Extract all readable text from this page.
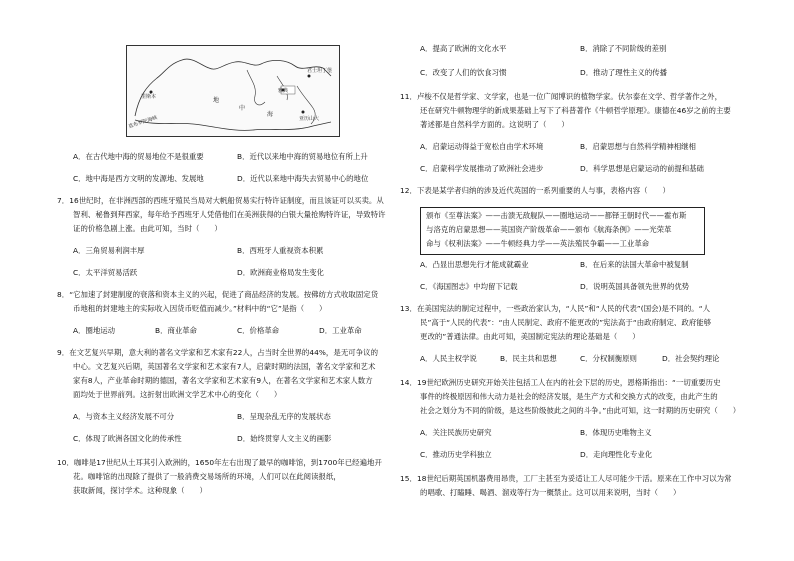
里斯本
雅典
君士坦丁堡
地
中
海
亚历山大
直布罗陀海峡
A．在古代地中海的贸易地位不是很重要	B．近代以来地中海的贸易地位有所上升
C．地中海是西方文明的发源地、发展地	D．近代以来地中海失去贸易中心的地位
7．16世纪时，在非洲西部的西班牙殖民当局对大帆船贸易实行特许证制度，而且该证可以买卖。从
智利、秘鲁到拜西家，每年给予西班牙人凭借他们在美洲获得的白银大量抢购特许证，导致特许
证的价格急剧上涨。由此可知，当时（　　）
A．三角贸易利润丰厚	B．西班牙人重视资本积累
C．太平洋贸易活跃	D．欧洲商业格局发生变化
8．“它加速了封建制度的衰落和资本主义的兴起，促进了商品经济的发展。按佛纺方式收取固定货
币地租的封建地主的实际收入因货币贬值而减少。”材料中的“它”是指（　　）
A．圈地运动	B．商业革命	C．价格革命	D．工业革命
9．在文艺复兴早期，意大利的著名文学家和艺术家有22人，占当时全世界的44%，是无可争议的
中心。文艺复兴后期，英国著名文学家和艺术家有7人，启蒙时期的法国，著名文学家和艺术
家有8人，产业革命时期的德国，著名文学家和艺术家有9人，在著名文学家和艺术家人数方
面均处于世界前列。这折射出欧洲文学艺术中心的变化（　　）
A．与资本主义经济发展不可分	B．呈现杂乱无序的发展状态
C．体现了欧洲各国文化的传承性	D．始终贯穿人文主义的画影
10．咖啡是17世纪从土耳其引入欧洲的，1650年左右出现了最早的咖啡馆，到1700年已经遍地开
花。咖啡馆的出现除了提供了一般消费交易场所的环境，人们可以在此阅读报纸，
获取新闻，探讨学术。这种现象（　　）
A．提高了欧洲的文化水平	B．消除了不同阶级的差别
C．改变了人们的饮食习惯	D．推动了理性主义的传播
11．卢梭不仅是哲学家、文学家，也是一位广闻博识的植物学家。伏尔泰在文学、哲学著作之外，
还在研究牛顿物理学的新成果基础上写下了科普著作《牛顿哲学原理》。康德在46岁之前的主要
著述都是自然科学方面的。这说明了（　　）
A．启蒙运动得益于宽松自由学术环境	B．启蒙思想与自然科学精神相继相
C．启蒙科学发展推动了欧洲社会进步	D．科学思想是启蒙运动的前提和基础
12．下表是某学者归纳的涉及近代英国的一系列重要的人与事，表格内容（　　）
颁布《至尊法案》——击溃无敌舰队——圈地运动——都铎王朝时代——霍布斯
与洛克的启蒙思想——英国资产阶级革命——颁布《航海条例》——光荣革
命与《权利法案》——牛顿经典力学——英法殖民争霸——工业革命
A．凸显出思想先行才能成就霸业	B．在后来的法国大革命中被复制
C．《海国图志》中均留下记载	D．说明英国具备领先世界的优势
13．在美国宪法的制定过程中，一些政治家认为，“人民”和“人民的代表”(国会)是不同的。“人
民”高于“人民的代表”：“由人民制定、政府不能更改的”宪法高于“由政府制定、政府能够
更改的”普通法律。由此可知，美国制定宪法的理论基础是（　　）
A．人民主权学说	B．民主共和思想	C．分权制衡原则	D．社会契约理论
14．19世纪欧洲历史研究开始关注包括工人在内的社会下层的历史，恩格斯指出：“一切重要历史
事件的终极原因和伟大动力是社会的经济发展，是生产方式和交换方式的改变，由此产生的
社会之划分为不同的阶级，是这些阶级彼此之间的斗争。”由此可知，这一时期的历史研究（　　）
A．关注民族历史研究	B．体现历史唯物主义
C．推动历史学科独立	D．走向理性化专业化
15．18世纪后期英国机器费用昂贵，工厂主甚至为妥适让工人尽可能少干活。原来在工作中习以为常
的唱歌、打瞌睡、喝酒、溜戏等行为一概禁止。这可以用来说明，当时（　　）
